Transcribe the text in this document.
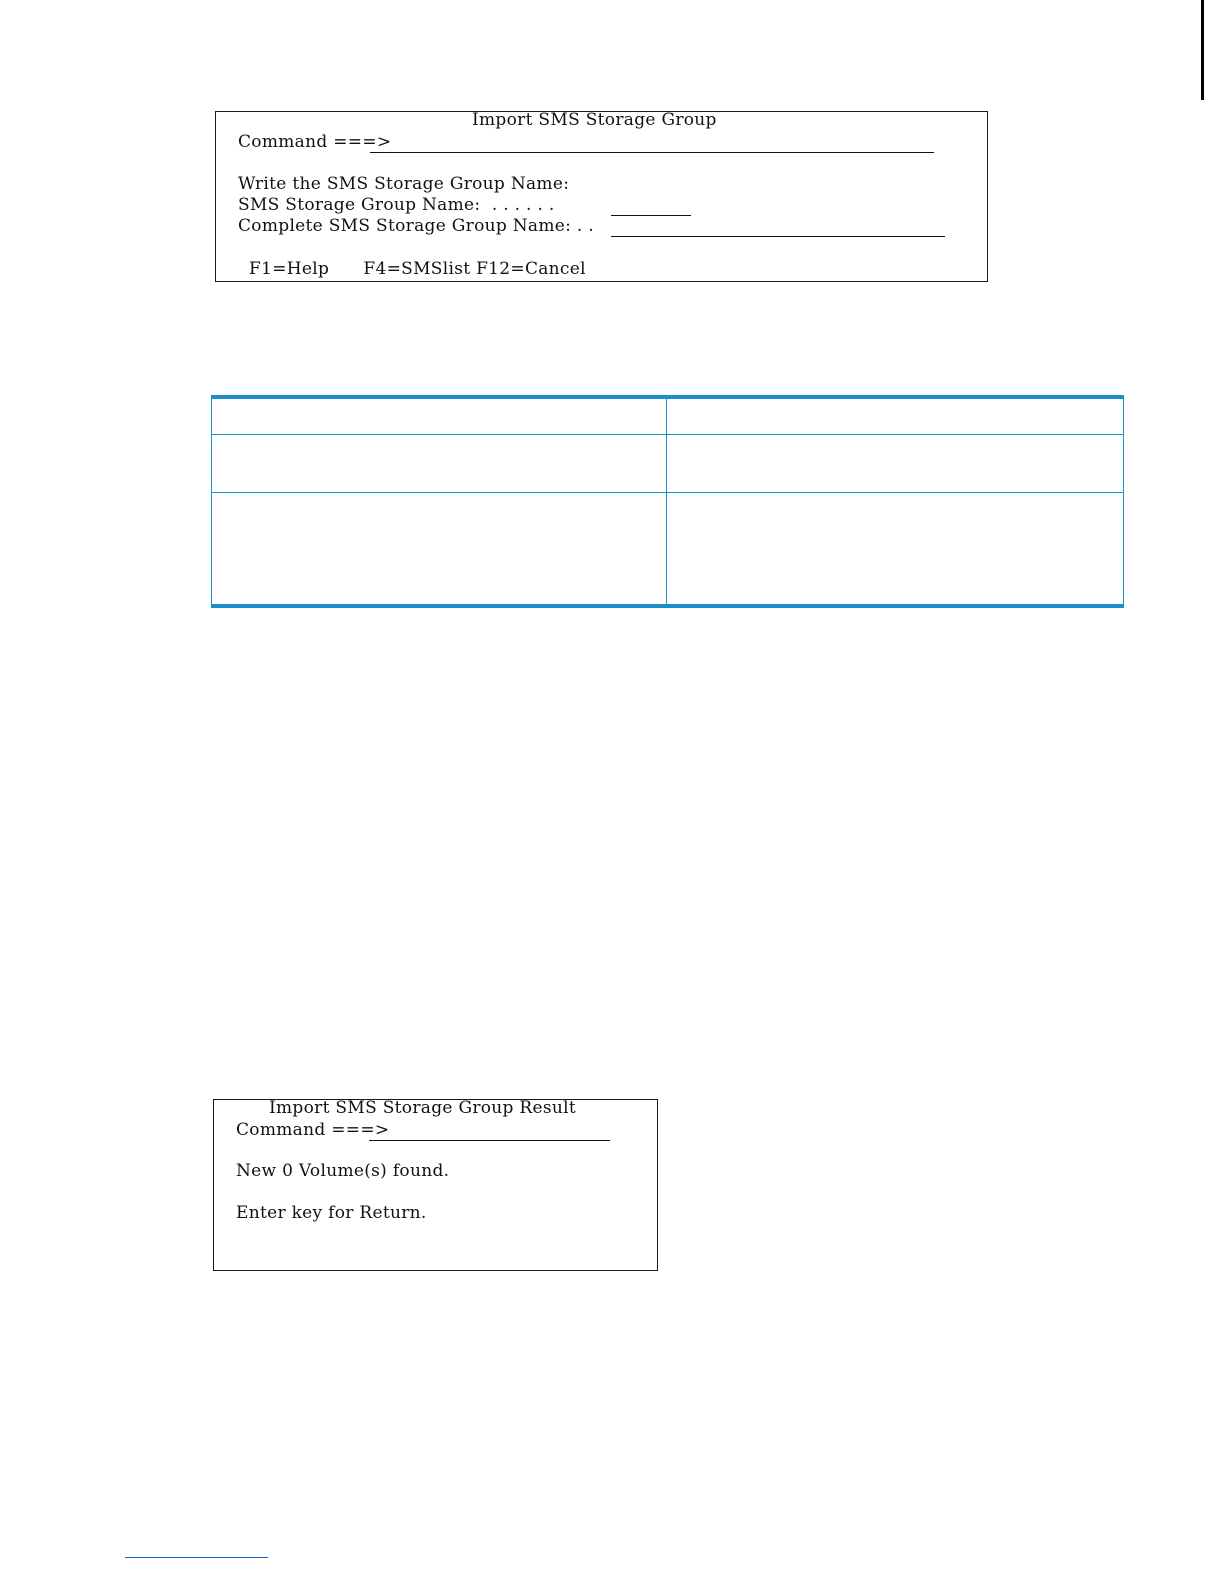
Import SMS Storage Group
Command ===>
Write the SMS Storage Group Name:
SMS Storage Group Name:  . . . . . .
Complete SMS Storage Group Name: . .
F1=Help      F4=SMSlist F12=Cancel
Import SMS Storage Group Result
Command ===>
New 0 Volume(s) found.
Enter key for Return.
